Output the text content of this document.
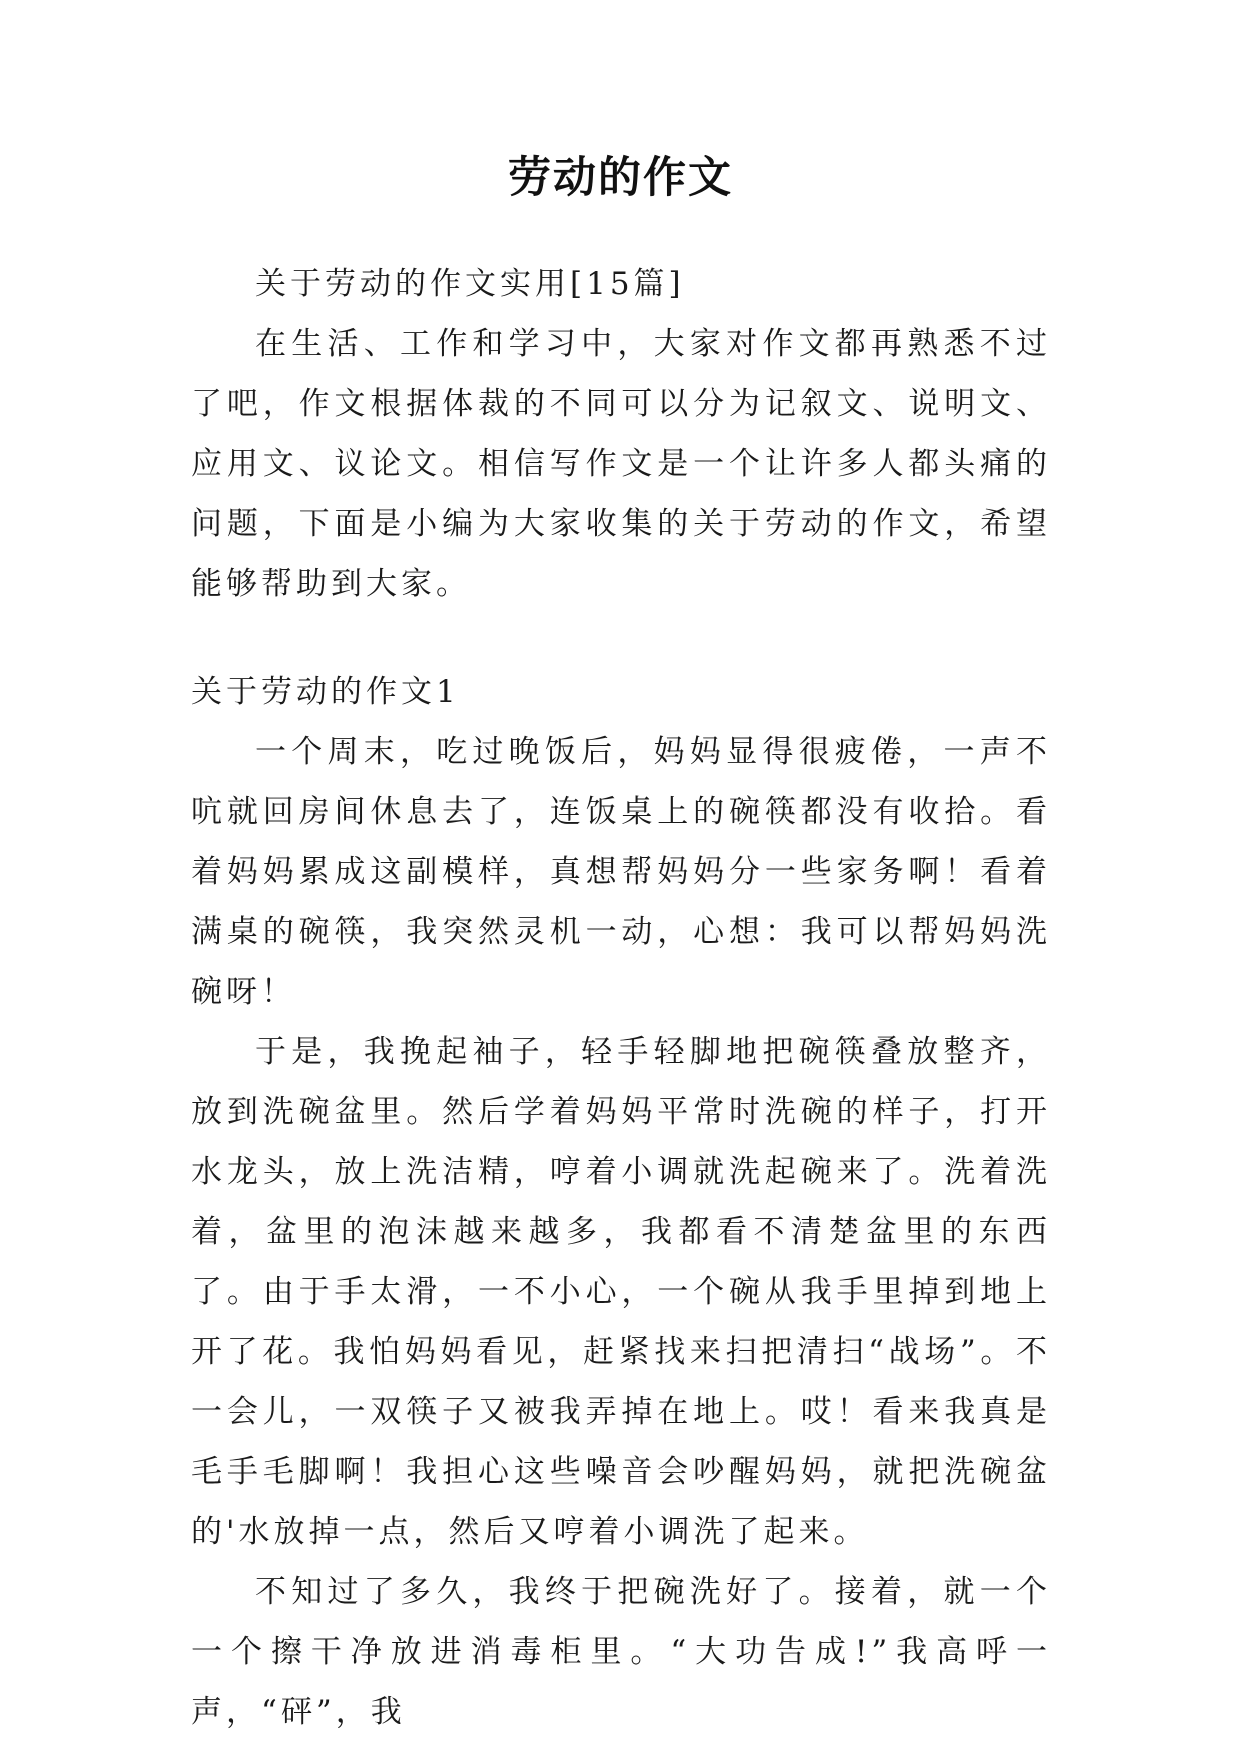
劳动的作文

关于劳动的作文实用[15篇]

在生活、工作和学习中，大家对作文都再熟悉不过了吧，作文根据体裁的不同可以分为记叙文、说明文、应用文、议论文。相信写作文是一个让许多人都头痛的问题，下面是小编为大家收集的关于劳动的作文，希望能够帮助到大家。

关于劳动的作文1

一个周末，吃过晚饭后，妈妈显得很疲倦，一声不吭就回房间休息去了，连饭桌上的碗筷都没有收拾。看着妈妈累成这副模样，真想帮妈妈分一些家务啊！看着满桌的碗筷，我突然灵机一动，心想：我可以帮妈妈洗碗呀！

于是，我挽起袖子，轻手轻脚地把碗筷叠放整齐，放到洗碗盆里。然后学着妈妈平常时洗碗的样子，打开水龙头，放上洗洁精，哼着小调就洗起碗来了。洗着洗着，盆里的泡沫越来越多，我都看不清楚盆里的东西了。由于手太滑，一不小心，一个碗从我手里掉到地上开了花。我怕妈妈看见，赶紧找来扫把清扫“战场”。不一会儿，一双筷子又被我弄掉在地上。哎！看来我真是毛手毛脚啊！我担心这些噪音会吵醒妈妈，就把洗碗盆的'水放掉一点，然后又哼着小调洗了起来。

不知过了多久，我终于把碗洗好了。接着，就一个一个擦干净放进消毒柜里。“大功告成!”我高呼一声，“砰”，我
